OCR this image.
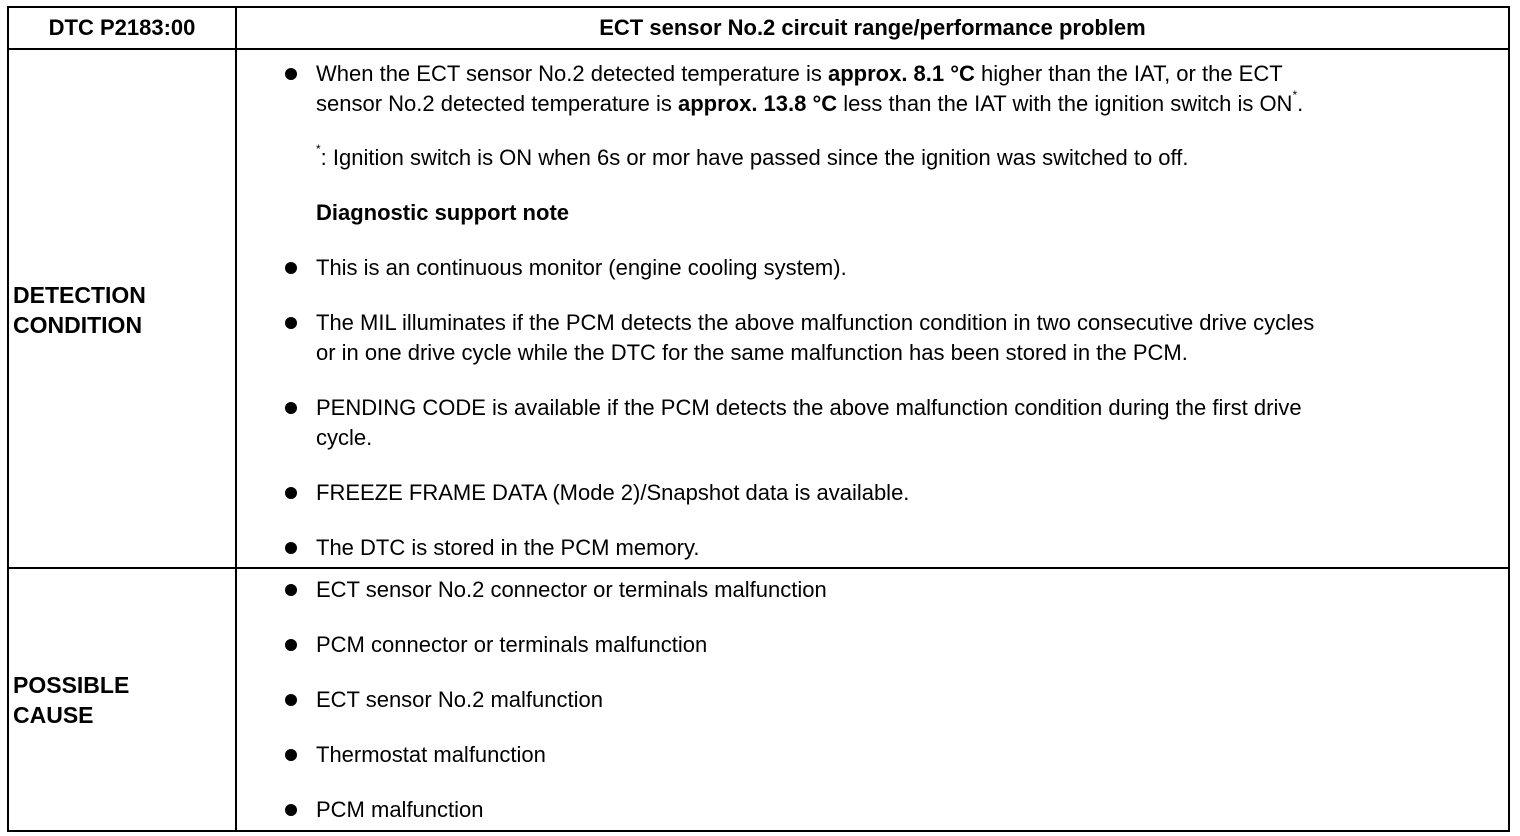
DTC P2183:00	ECT sensor No.2 circuit range/performance problem
DETECTION
CONDITION
When the ECT sensor No.2 detected temperature is approx. 8.1 °C higher than the IAT, or the ECT
sensor No.2 detected temperature is approx. 13.8 °C less than the IAT with the ignition switch is ON*.
*: Ignition switch is ON when 6s or mor have passed since the ignition was switched to off.
Diagnostic support note
This is an continuous monitor (engine cooling system).
The MIL illuminates if the PCM detects the above malfunction condition in two consecutive drive cycles
or in one drive cycle while the DTC for the same malfunction has been stored in the PCM.
PENDING CODE is available if the PCM detects the above malfunction condition during the first drive
cycle.
FREEZE FRAME DATA (Mode 2)/Snapshot data is available.
The DTC is stored in the PCM memory.
POSSIBLE
CAUSE
ECT sensor No.2 connector or terminals malfunction
PCM connector or terminals malfunction
ECT sensor No.2 malfunction
Thermostat malfunction
PCM malfunction
